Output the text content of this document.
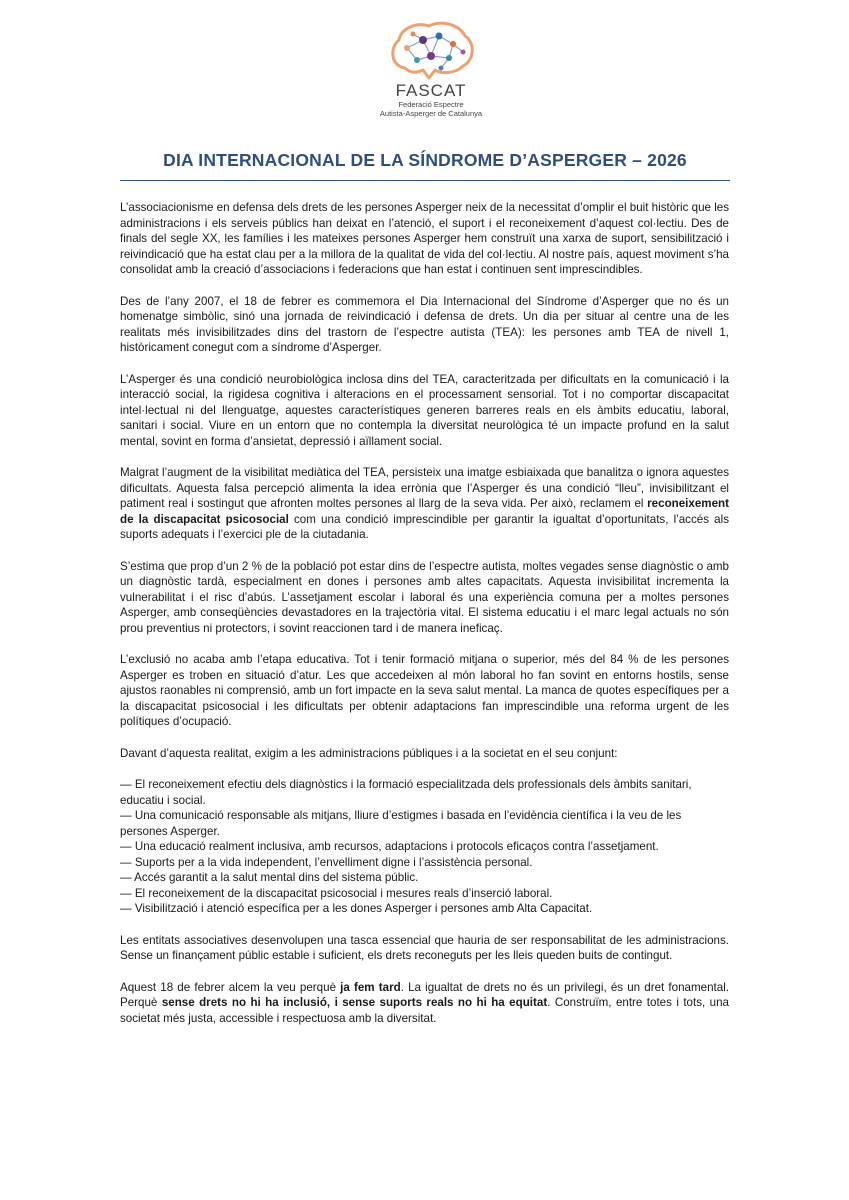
FASCAT
Federació Espectre
Autista-Asperger de Catalunya
DIA INTERNACIONAL DE LA SÍNDROME D’ASPERGER – 2026

L’associacionisme en defensa dels drets de les persones Asperger neix de la necessitat d’omplir el buit històric que les administracions i els serveis públics han deixat en l’atenció, el suport i el reconeixement d’aquest col·lectiu. Des de finals del segle XX, les famílies i les mateixes persones Asperger hem construït una xarxa de suport, sensibilització i reivindicació que ha estat clau per a la millora de la qualitat de vida del col·lectiu. Al nostre país, aquest moviment s’ha consolidat amb la creació d’associacions i federacions que han estat i continuen sent imprescindibles.

Des de l’any 2007, el 18 de febrer es commemora el Dia Internacional del Síndrome d’Asperger que no és un homenatge simbòlic, sinó una jornada de reivindicació i defensa de drets. Un dia per situar al centre una de les realitats més invisibilitzades dins del trastorn de l’espectre autista (TEA): les persones amb TEA de nivell 1, històricament conegut com a síndrome d’Asperger.

L’Asperger és una condició neurobiològica inclosa dins del TEA, caracteritzada per dificultats en la comunicació i la interacció social, la rigidesa cognitiva i alteracions en el processament sensorial. Tot i no comportar discapacitat intel·lectual ni del llenguatge, aquestes característiques generen barreres reals en els àmbits educatiu, laboral, sanitari i social. Viure en un entorn que no contempla la diversitat neurològica té un impacte profund en la salut mental, sovint en forma d’ansietat, depressió i aïllament social.

Malgrat l’augment de la visibilitat mediàtica del TEA, persisteix una imatge esbiaixada que banalitza o ignora aquestes dificultats. Aquesta falsa percepció alimenta la idea errònia que l’Asperger és una condició “lleu”, invisibilitzant el patiment real i sostingut que afronten moltes persones al llarg de la seva vida. Per això, reclamem el reconeixement de la discapacitat psicosocial com una condició imprescindible per garantir la igualtat d’oportunitats, l’accés als suports adequats i l’exercici ple de la ciutadania.

S’estima que prop d’un 2 % de la població pot estar dins de l’espectre autista, moltes vegades sense diagnòstic o amb un diagnòstic tardà, especialment en dones i persones amb altes capacitats. Aquesta invisibilitat incrementa la vulnerabilitat i el risc d’abús. L’assetjament escolar i laboral és una experiència comuna per a moltes persones Asperger, amb conseqüències devastadores en la trajectòria vital. El sistema educatiu i el marc legal actuals no són prou preventius ni protectors, i sovint reaccionen tard i de manera ineficaç.

L’exclusió no acaba amb l’etapa educativa. Tot i tenir formació mitjana o superior, més del 84 % de les persones Asperger es troben en situació d’atur. Les que accedeixen al món laboral ho fan sovint en entorns hostils, sense ajustos raonables ni comprensió, amb un fort impacte en la seva salut mental. La manca de quotes específiques per a la discapacitat psicosocial i les dificultats per obtenir adaptacions fan imprescindible una reforma urgent de les polítiques d’ocupació.

Davant d’aquesta realitat, exigim a les administracions públiques i a la societat en el seu conjunt:

— El reconeixement efectiu dels diagnòstics i la formació especialitzada dels professionals dels àmbits sanitari, educatiu i social.
— Una comunicació responsable als mitjans, lliure d’estigmes i basada en l’evidència científica i la veu de les persones Asperger.
— Una educació realment inclusiva, amb recursos, adaptacions i protocols eficaços contra l’assetjament.
— Suports per a la vida independent, l’envelliment digne i l’assistència personal.
— Accés garantit a la salut mental dins del sistema públic.
— El reconeixement de la discapacitat psicosocial i mesures reals d’inserció laboral.
— Visibilització i atenció específica per a les dones Asperger i persones amb Alta Capacitat.

Les entitats associatives desenvolupen una tasca essencial que hauria de ser responsabilitat de les administracions. Sense un finançament públic estable i suficient, els drets reconeguts per les lleis queden buits de contingut.

Aquest 18 de febrer alcem la veu perquè ja fem tard. La igualtat de drets no és un privilegi, és un dret fonamental. Perquè sense drets no hi ha inclusió, i sense suports reals no hi ha equitat. Construïm, entre totes i tots, una societat més justa, accessible i respectuosa amb la diversitat.
